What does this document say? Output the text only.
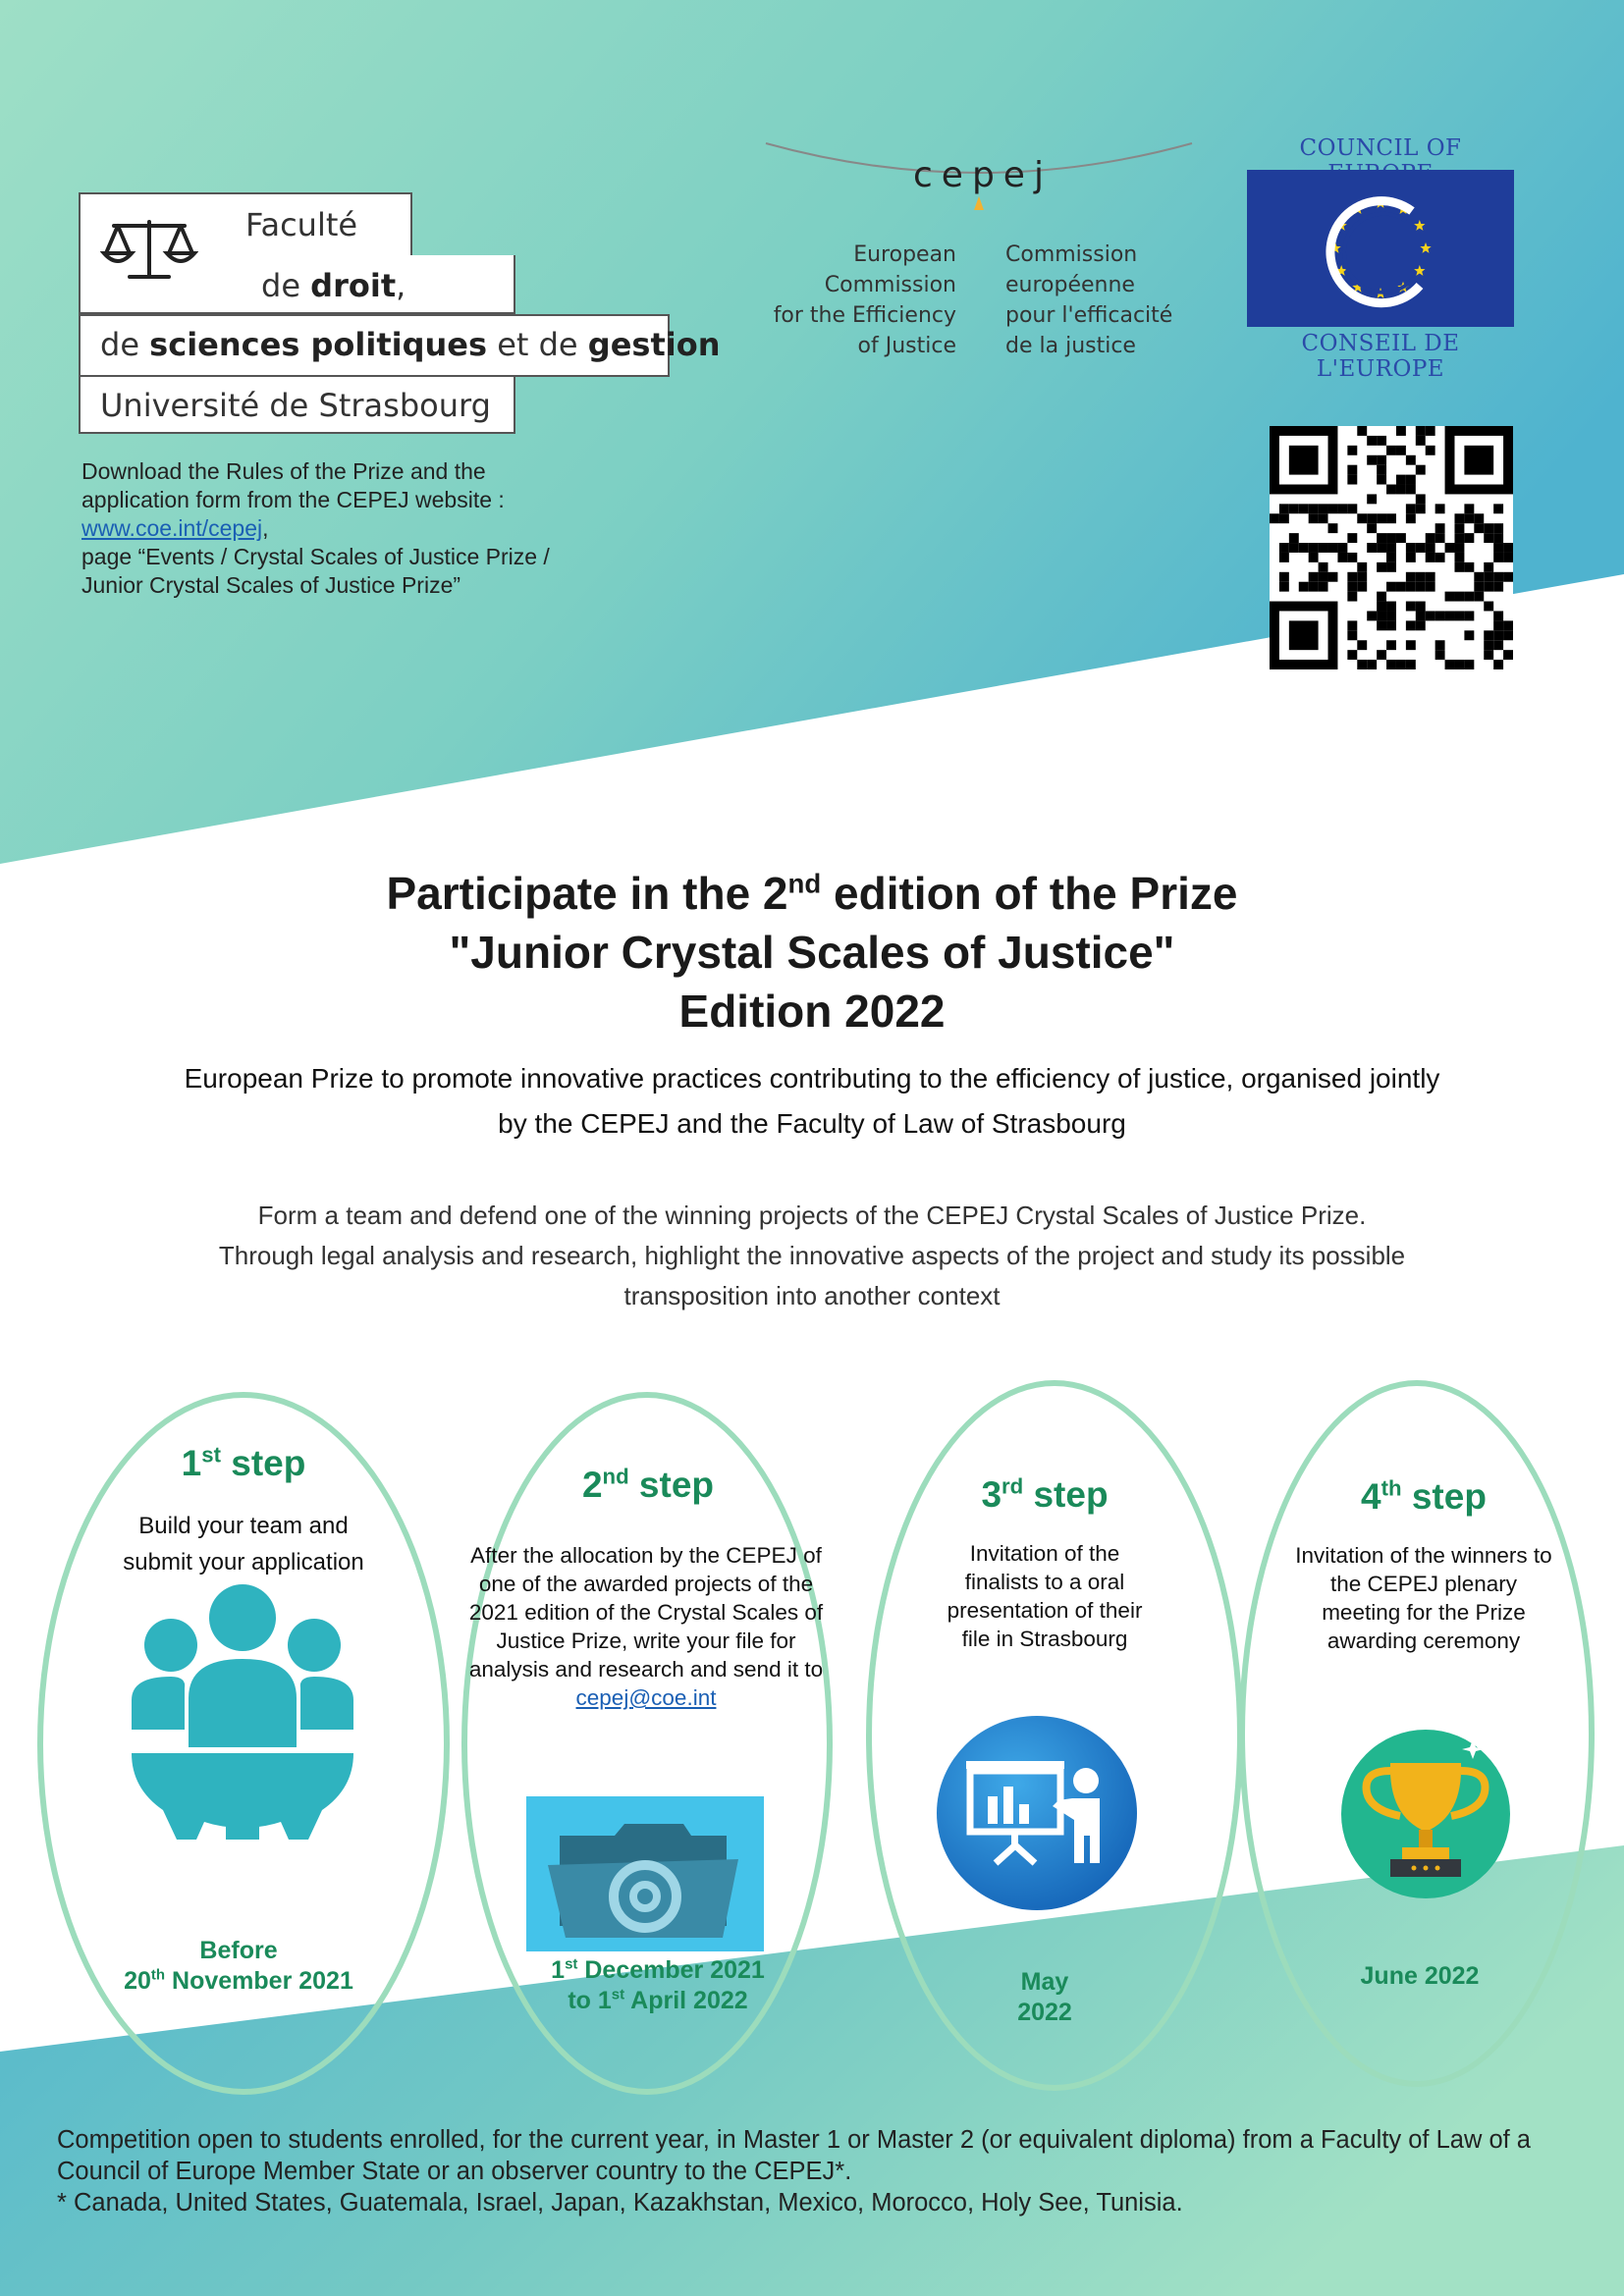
Faculté
de droit,
de sciences politiques et de gestion
Université de Strasbourg
Download the Rules of the Prize and the application form from the CEPEJ website :
www.coe.int/cepej,
page “Events / Crystal Scales of Justice Prize / Junior Crystal Scales of Justice Prize”
cepej
European
Commission
for the Efficiency
of Justice
Commission
européenne
pour l'efficacité
de la justice
COUNCIL OF
CONSEIL DE L'EUROPE
Participate in the 2nd edition of the Prize
"Junior Crystal Scales of Justice"
Edition 2022
European Prize to promote innovative practices contributing to the efficiency of justice, organised jointly by the CEPEJ and the Faculty of Law of Strasbourg
Form a team and defend one of the winning projects of the CEPEJ Crystal Scales of Justice Prize.
Through legal analysis and research, highlight the innovative aspects of the project and study its possible transposition into another context
1st step
Build your team and submit your application
Before
20th November 2021
2nd step
After the allocation by the CEPEJ of one of the awarded projects of the 2021 edition of the Crystal Scales of Justice Prize, write your file for analysis and research and send it to
cepej@coe.int
1st December 2021
to 1st April 2022
3rd step
Invitation of the finalists to a oral presentation of their file in Strasbourg
May
2022
4th step
Invitation of the winners to the CEPEJ plenary meeting for the Prize awarding ceremony
June 2022
Competition open to students enrolled, for the current year, in Master 1 or Master 2 (or equivalent diploma) from a Faculty of Law of a Council of Europe Member State or an observer country to the CEPEJ*.
* Canada, United States, Guatemala, Israel, Japan, Kazakhstan, Mexico, Morocco, Holy See, Tunisia.
